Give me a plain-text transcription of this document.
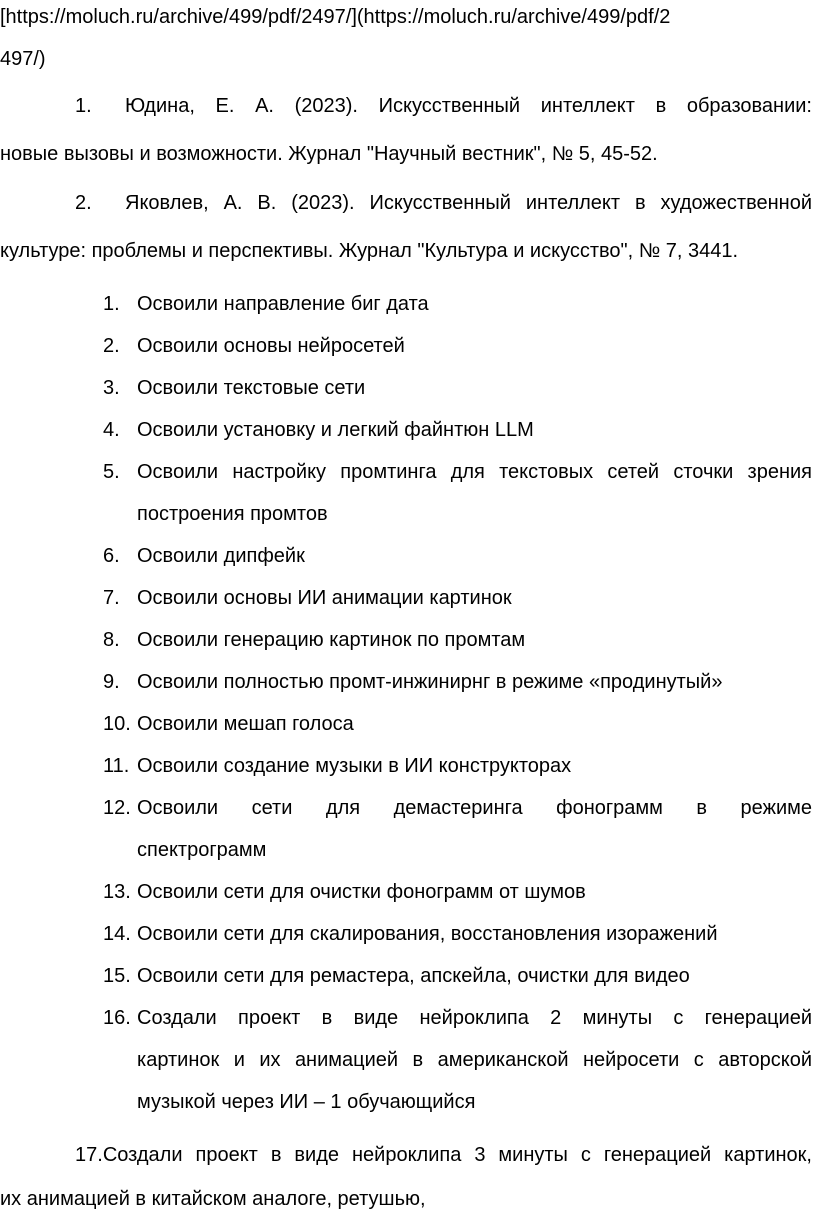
[https://moluch.ru/archive/499/pdf/2497/](https://moluch.ru/archive/499/pdf/2
497/)
1.	Юдина, Е. А. (2023). Искусственный интеллект в образовании:
новые вызовы и возможности. Журнал "Научный вестник", № 5, 45-52.
2.	Яковлев, А. В. (2023). Искусственный интеллект в художественной
культуре: проблемы и перспективы. Журнал "Культура и искусство", № 7, 3441.
1. Освоили направление биг дата
2. Освоили основы нейросетей
3. Освоили текстовые сети
4. Освоили установку и легкий файнтюн LLM
5. Освоили настройку промтинга для текстовых сетей сточки зрения
построения промтов
6. Освоили дипфейк
7. Освоили основы ИИ анимации картинок
8. Освоили генерацию картинок по промтам
9. Освоили полностью промт-инжинирнг в режиме «продинутый»
10. Освоили мешап голоса
11. Освоили создание музыки в ИИ конструкторах
12. Освоили сети для демастеринга фонограмм в режиме
спектрограмм
13. Освоили сети для очистки фонограмм от шумов
14. Освоили сети для скалирования, восстановления изоражений
15. Освоили сети для ремастера, апскейла, очистки для видео
16. Создали проект в виде нейроклипа 2 минуты с генерацией
картинок и их анимацией в американской нейросети с авторской
музыкой через ИИ – 1 обучающийся
17.Создали проект в виде нейроклипа 3 минуты с генерацией картинок,
их анимацией в китайском аналоге, ретушью,
